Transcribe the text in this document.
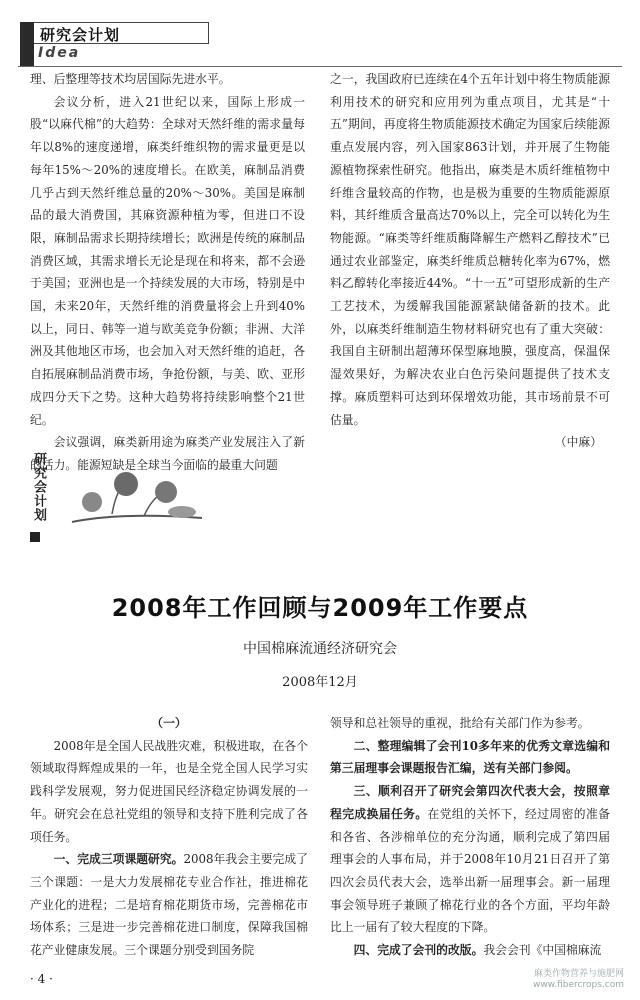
研究会计划
Idea

理、后整理等技术均居国际先进水平。

会议分析，进入21世纪以来，国际上形成一股“以麻代棉”的大趋势：全球对天然纤维的需求量每年以8%的速度递增，麻类纤维织物的需求量更是以每年15%～20%的速度增长。在欧美，麻制品消费几乎占到天然纤维总量的20%～30%。美国是麻制品的最大消费国，其麻资源种植为零，但进口不设限，麻制品需求长期持续增长；欧洲是传统的麻制品消费区域，其需求增长无论是现在和将来，都不会逊于美国；亚洲也是一个持续发展的大市场，特别是中国，未来20年，天然纤维的消费量将会上升到40%以上，同日、韩等一道与欧美竞争份额；非洲、大洋洲及其他地区市场，也会加入对天然纤维的追赶，各自拓展麻制品消费市场，争抢份额，与美、欧、亚形成四分天下之势。这种大趋势将持续影响整个21世纪。

会议强调，麻类新用途为麻类产业发展注入了新的活力。能源短缺是全球当今面临的最重大问题

之一，我国政府已连续在4个五年计划中将生物质能源利用技术的研究和应用列为重点项目，尤其是“十五”期间，再度将生物质能源技术确定为国家后续能源重点发展内容，列入国家863计划，并开展了生物能源植物探索性研究。他指出，麻类是木质纤维植物中纤维含量较高的作物，也是极为重要的生物质能源原料，其纤维质含量高达70%以上，完全可以转化为生物能源。“麻类等纤维质酶降解生产燃料乙醇技术”已通过农业部鉴定，麻类纤维质总糖转化率为67%，燃料乙醇转化率接近44%。“十一五”可望形成新的生产工艺技术，为缓解我国能源紧缺储备新的技术。此外，以麻类纤维制造生物材料研究也有了重大突破：我国自主研制出超薄环保型麻地膜，强度高，保温保湿效果好，为解决农业白色污染问题提供了技术支撑。麻质塑料可达到环保增效功能，其市场前景不可估量。

（中麻）

研究会计划
2008年工作回顾与2009年工作要点
中国棉麻流通经济研究会
2008年12月

（一）

2008年是全国人民战胜灾难，积极进取，在各个领域取得辉煌成果的一年，也是全党全国人民学习实践科学发展观，努力促进国民经济稳定协调发展的一年。研究会在总社党组的领导和支持下胜利完成了各项任务。

一、完成三项课题研究。2008年我会主要完成了三个课题：一是大力发展棉花专业合作社，推进棉花产业化的进程；二是培育棉花期货市场，完善棉花市场体系；三是进一步完善棉花进口制度，保障我国棉花产业健康发展。三个课题分别受到国务院

领导和总社领导的重视，批给有关部门作为参考。

二、整理编辑了会刊10多年来的优秀文章选编和第三届理事会课题报告汇编，送有关部门参阅。

三、顺利召开了研究会第四次代表大会，按照章程完成换届任务。在党组的关怀下，经过周密的准备和各省、各涉棉单位的充分沟通，顺利完成了第四届理事会的人事布局，并于2008年10月21日召开了第四次会员代表大会，选举出新一届理事会。新一届理事会领导班子兼顾了棉花行业的各个方面，平均年龄比上一届有了较大程度的下降。

四、完成了会刊的改版。我会会刊《中国棉麻流

· 4 ·	麻类作物营养与施肥网
www.fibercrops.com
